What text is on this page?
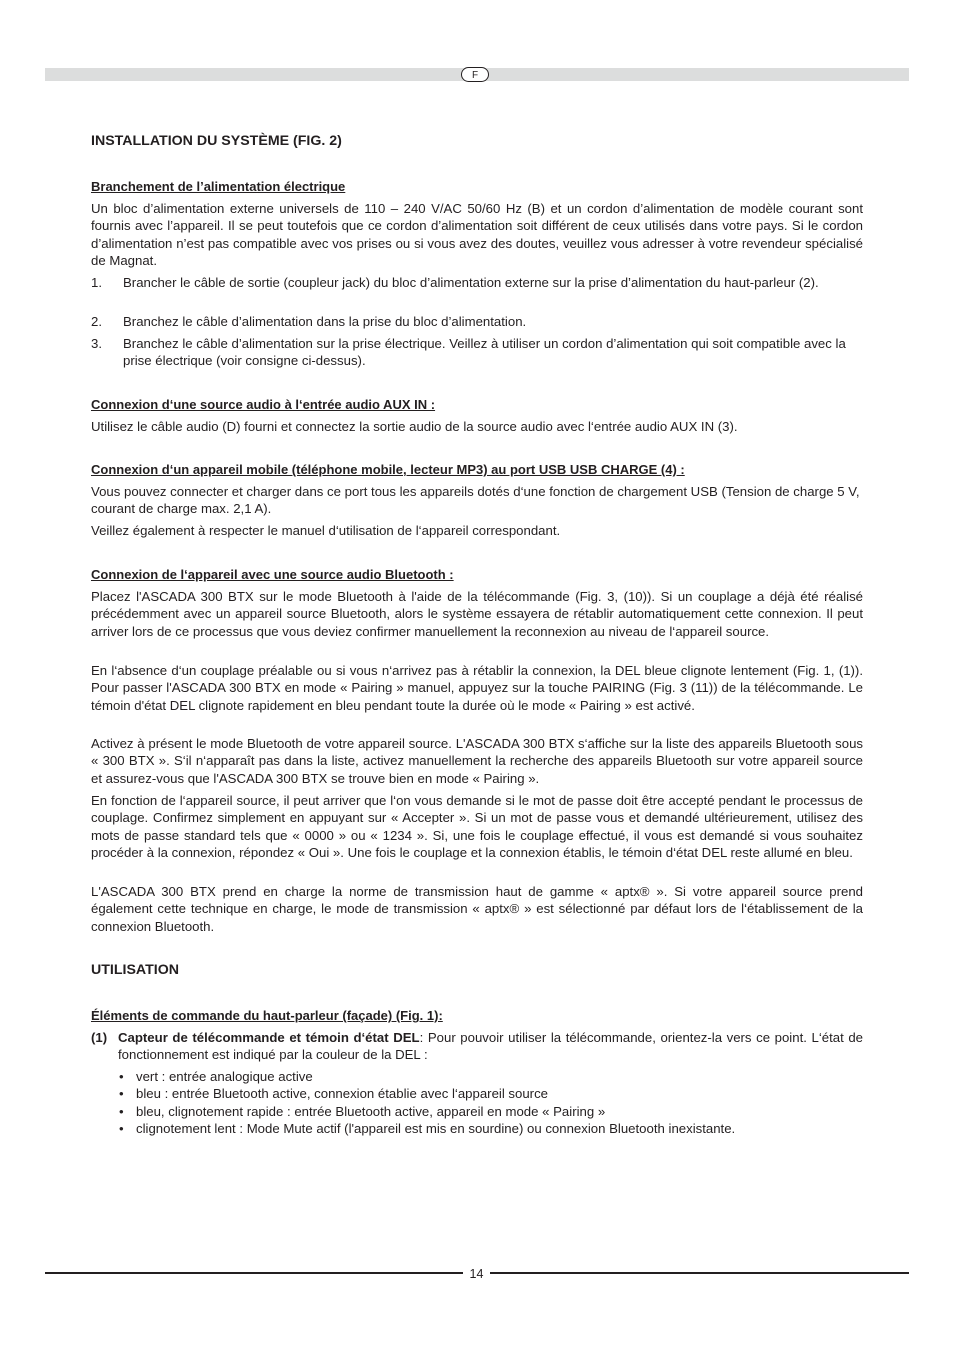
F
INSTALLATION DU SYSTÈME (FIG. 2)
Branchement de l’alimentation électrique

Un bloc d’alimentation externe universels de 110 – 240 V/AC 50/60 Hz (B) et un cordon d’alimentation de modèle courant sont fournis avec l’appareil. Il se peut toutefois que ce cordon d’alimentation soit différent de ceux utilisés dans votre pays. Si le cordon d’alimentation n’est pas compatible avec vos prises ou si vous avez des doutes, veuillez vous adresser à votre revendeur spécialisé de Magnat.

1. Brancher le câble de sortie (coupleur jack) du bloc d’alimentation externe sur la prise d’alimentation du haut-parleur (2).
2. Branchez le câble d’alimentation dans la prise du bloc d’alimentation.
3. Branchez le câble d’alimentation sur la prise électrique. Veillez à utiliser un cordon d’alimentation qui soit compatible avec la prise électrique (voir consigne ci-dessus).
Connexion d‘une source audio à l‘entrée audio AUX IN :

Utilisez le câble audio (D) fourni et connectez la sortie audio de la source audio avec l‘entrée audio AUX IN (3).

Connexion d‘un appareil mobile (téléphone mobile, lecteur MP3) au port USB USB CHARGE (4) :

Vous pouvez connecter et charger dans ce port tous les appareils dotés d‘une fonction de chargement USB (Tension de charge 5 V, courant de charge max. 2,1 A).

Veillez également à respecter le manuel d‘utilisation de l‘appareil correspondant.

Connexion de l‘appareil avec une source audio Bluetooth :

Placez l'ASCADA 300 BTX sur le mode Bluetooth à l'aide de la télécommande (Fig. 3, (10)). Si un couplage a déjà été réalisé précédemment avec un appareil source Bluetooth, alors le système essayera de rétablir automatiquement cette connexion. Il peut arriver lors de ce processus que vous deviez confirmer manuellement la reconnexion au niveau de l‘appareil source.

En l‘absence d‘un couplage préalable ou si vous n‘arrivez pas à rétablir la connexion, la DEL bleue clignote lentement (Fig. 1, (1)). Pour passer l'ASCADA 300 BTX en mode « Pairing » manuel, appuyez sur la touche PAIRING (Fig. 3 (11)) de la télécommande. Le témoin d'état DEL clignote rapidement en bleu pendant toute la durée où le mode « Pairing » est activé.

Activez à présent le mode Bluetooth de votre appareil source. L'ASCADA 300 BTX s‘affiche sur la liste des appareils Bluetooth sous « 300 BTX ». S‘il n‘apparaît pas dans la liste, activez manuellement la recherche des appareils Bluetooth sur votre appareil source et assurez-vous que l'ASCADA 300 BTX se trouve bien en mode « Pairing ».

En fonction de l‘appareil source, il peut arriver que l‘on vous demande si le mot de passe doit être accepté pendant le processus de couplage. Confirmez simplement en appuyant sur « Accepter ». Si un mot de passe vous et demandé ultérieurement, utilisez des mots de passe standard tels que « 0000 » ou « 1234 ». Si, une fois le couplage effectué, il vous est demandé si vous souhaitez procéder à la connexion, répondez « Oui ». Une fois le couplage et la connexion établis, le témoin d‘état DEL reste allumé en bleu.

L'ASCADA 300 BTX prend en charge la norme de transmission haut de gamme « aptx® ». Si votre appareil source prend également cette technique en charge, le mode de transmission « aptx® » est sélectionné par défaut lors de l‘établissement de la connexion Bluetooth.

UTILISATION
Éléments de commande du haut-parleur (façade) (Fig. 1):
(1) Capteur de télécommande et témoin d‘état DEL: Pour pouvoir utiliser la télécommande, orientez-la vers ce point. L‘état de fonctionnement est indiqué par la couleur de la DEL :
• vert : entrée analogique active
• bleu : entrée Bluetooth active, connexion établie avec l‘appareil source
• bleu, clignotement rapide : entrée Bluetooth active, appareil en mode « Pairing »
• clignotement lent : Mode Mute actif (l'appareil est mis en sourdine) ou connexion Bluetooth inexistante.
14
